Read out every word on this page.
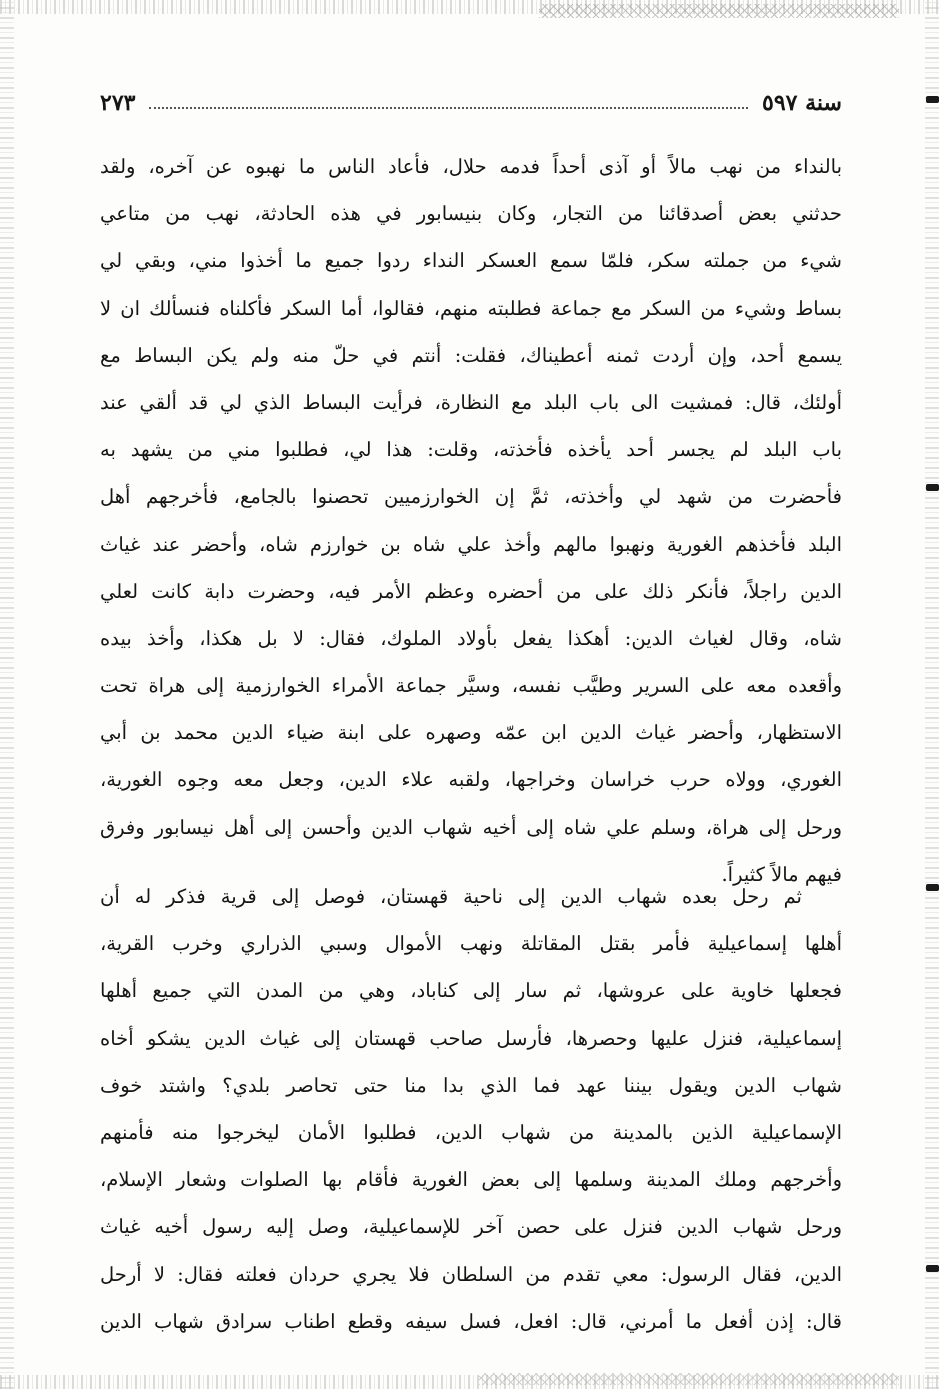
سنة ٥٩٧
٢٧٣
بالنداء من نهب مالاً أو آذى أحداً فدمه حلال، فأعاد الناس ما نهبوه عن آخره، ولقد
حدثني بعض أصدقائنا من التجار، وكان بنيسابور في هذه الحادثة، نهب من متاعي
شيء من جملته سكر، فلمّا سمع العسكر النداء ردوا جميع ما أخذوا مني، وبقي لي
بساط وشيء من السكر مع جماعة فطلبته منهم، فقالوا، أما السكر فأكلناه فنسألك ان لا
يسمع أحد، وإن أردت ثمنه أعطيناك، فقلت: أنتم في حلّ منه ولم يكن البساط مع
أولئك، قال: فمشيت الى باب البلد مع النظارة، فرأيت البساط الذي لي قد ألقي عند
باب البلد لم يجسر أحد يأخذه فأخذته، وقلت: هذا لي، فطلبوا مني من يشهد به
فأحضرت من شهد لي وأخذته، ثمَّ إن الخوارزميين تحصنوا بالجامع، فأخرجهم أهل
البلد فأخذهم الغورية ونهبوا مالهم وأخذ علي شاه بن خوارزم شاه، وأحضر عند غياث
الدين راجلاً، فأنكر ذلك على من أحضره وعظم الأمر فيه، وحضرت دابة كانت لعلي
شاه، وقال لغياث الدين: أهكذا يفعل بأولاد الملوك، فقال: لا بل هكذا، وأخذ بيده
وأقعده معه على السرير وطيَّب نفسه، وسيَّر جماعة الأمراء الخوارزمية إلى هراة تحت
الاستظهار، وأحضر غياث الدين ابن عمّه وصهره على ابنة ضياء الدين محمد بن أبي
الغوري، وولاه حرب خراسان وخراجها، ولقبه علاء الدين، وجعل معه وجوه الغورية،
ورحل إلى هراة، وسلم علي شاه إلى أخيه شهاب الدين وأحسن إلى أهل نيسابور وفرق
فيهم مالاً كثيراً.
ثم رحل بعده شهاب الدين إلى ناحية قهستان، فوصل إلى قرية فذكر له أن
أهلها إسماعيلية فأمر بقتل المقاتلة ونهب الأموال وسبي الذراري وخرب القرية،
فجعلها خاوية على عروشها، ثم سار إلى كناباد، وهي من المدن التي جميع أهلها
إسماعيلية، فنزل عليها وحصرها، فأرسل صاحب قهستان إلى غياث الدين يشكو أخاه
شهاب الدين ويقول بيننا عهد فما الذي بدا منا حتى تحاصر بلدي؟ واشتد خوف
الإسماعيلية الذين بالمدينة من شهاب الدين، فطلبوا الأمان ليخرجوا منه فأمنهم
وأخرجهم وملك المدينة وسلمها إلى بعض الغورية فأقام بها الصلوات وشعار الإسلام،
ورحل شهاب الدين فنزل على حصن آخر للإسماعيلية، وصل إليه رسول أخيه غياث
الدين، فقال الرسول: معي تقدم من السلطان فلا يجري حردان فعلته فقال: لا أرحل
قال: إذن أفعل ما أمرني، قال: افعل، فسل سيفه وقطع اطناب سرادق شهاب الدين
